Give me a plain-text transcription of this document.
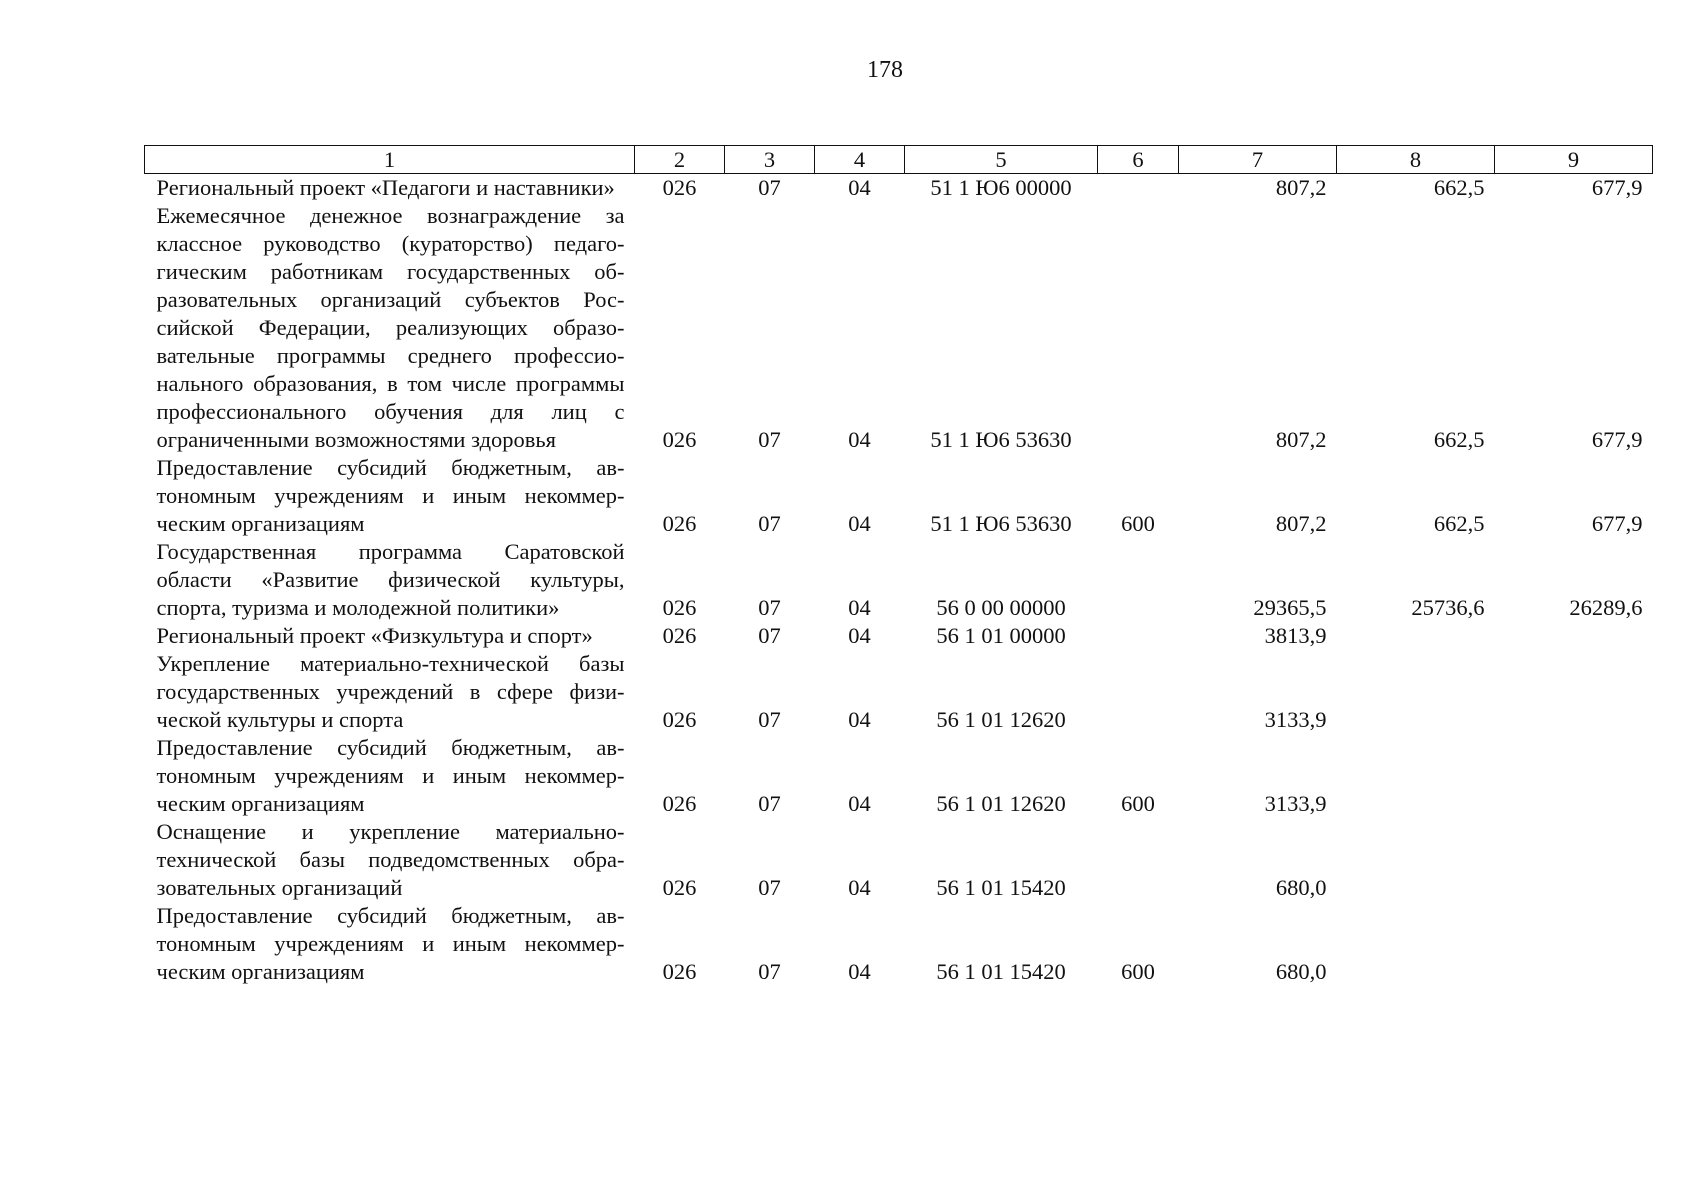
178
1	2	3	4	5	6	7	8	9
Региональный проект «Педагоги и наставники»	026	07	04	51 1 Ю6 00000		807,2	662,5	677,9
Ежемесячное денежное вознаграждение за классное руководство (кураторство) педагогическим работникам государственных образовательных организаций субъектов Российской Федерации, реализующих образовательные программы среднего профессионального образования, в том числе программы профессионального обучения для лиц с ограниченными возможностями здоровья	026	07	04	51 1 Ю6 53630		807,2	662,5	677,9
Предоставление субсидий бюджетным, автономным учреждениям и иным некоммерческим организациям	026	07	04	51 1 Ю6 53630	600	807,2	662,5	677,9
Государственная программа Саратовской области «Развитие физической культуры, спорта, туризма и молодежной политики»	026	07	04	56 0 00 00000		29365,5	25736,6	26289,6
Региональный проект «Физкультура и спорт»	026	07	04	56 1 01 00000		3813,9		
Укрепление материально-технической базы государственных учреждений в сфере физической культуры и спорта	026	07	04	56 1 01 12620		3133,9		
Предоставление субсидий бюджетным, автономным учреждениям и иным некоммерческим организациям	026	07	04	56 1 01 12620	600	3133,9		
Оснащение и укрепление материально-технической базы подведомственных образовательных организаций	026	07	04	56 1 01 15420		680,0		
Предоставление субсидий бюджетным, автономным учреждениям и иным некоммерческим организациям	026	07	04	56 1 01 15420	600	680,0		
